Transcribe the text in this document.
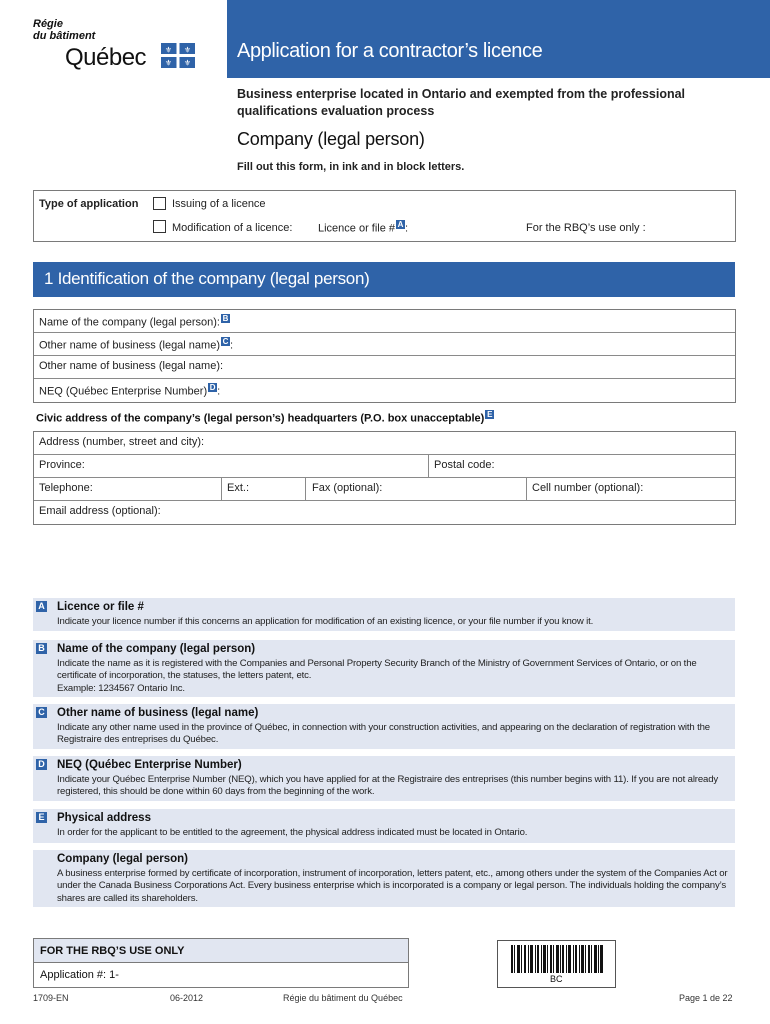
Régie
du bâtiment
Québec ⚜ ⚜
⚜ ⚜
Application for a contractor’s licence
Business enterprise located in Ontario and exempted from the professional qualifications evaluation process
Company (legal person)
Fill out this form, in ink and in block letters.
Type of application	Issuing of a licence
Modification of a licence: Licence or file # A :	For the RBQ’s use only :
1 Identification of the company (legal person)
Name of the company (legal person): B
Other name of business (legal name) C :
Other name of business (legal name):
NEQ (Québec Enterprise Number) D :
Civic address of the company’s (legal person’s) headquarters (P.O. box unacceptable) E
Address (number, street and city):
Province:	Postal code:
Telephone:	Ext.:	Fax (optional):	Cell number (optional):
Email address (optional):
A Licence or file #
Indicate your licence number if this concerns an application for modification of an existing licence, or your file number if you know it.
B Name of the company (legal person)
Indicate the name as it is registered with the Companies and Personal Property Security Branch of the Ministry of Government Services of Ontario, or on the certificate of incorporation, the statuses, the letters patent, etc.
Example: 1234567 Ontario Inc.
C Other name of business (legal name)
Indicate any other name used in the province of Québec, in connection with your construction activities, and appearing on the declaration of registration with the Registraire des entreprises du Québec.
D NEQ (Québec Enterprise Number)
Indicate your Québec Enterprise Number (NEQ), which you have applied for at the Registraire des entreprises (this number begins with 11). If you are not already registered, this should be done within 60 days from the beginning of the work.
E Physical address
In order for the applicant to be entitled to the agreement, the physical address indicated must be located in Ontario.
Company (legal person)
A business enterprise formed by certificate of incorporation, instrument of incorporation, letters patent, etc., among others under the system of the Companies Act or under the Canada Business Corporations Act. Every business enterprise which is incorporated is a company or legal person. The individuals holding the company’s shares are called its shareholders.
FOR THE RBQ’S USE ONLY
Application #: 1-	BC
1709-EN	06-2012	Régie du bâtiment du Québec	Page 1 de 22
